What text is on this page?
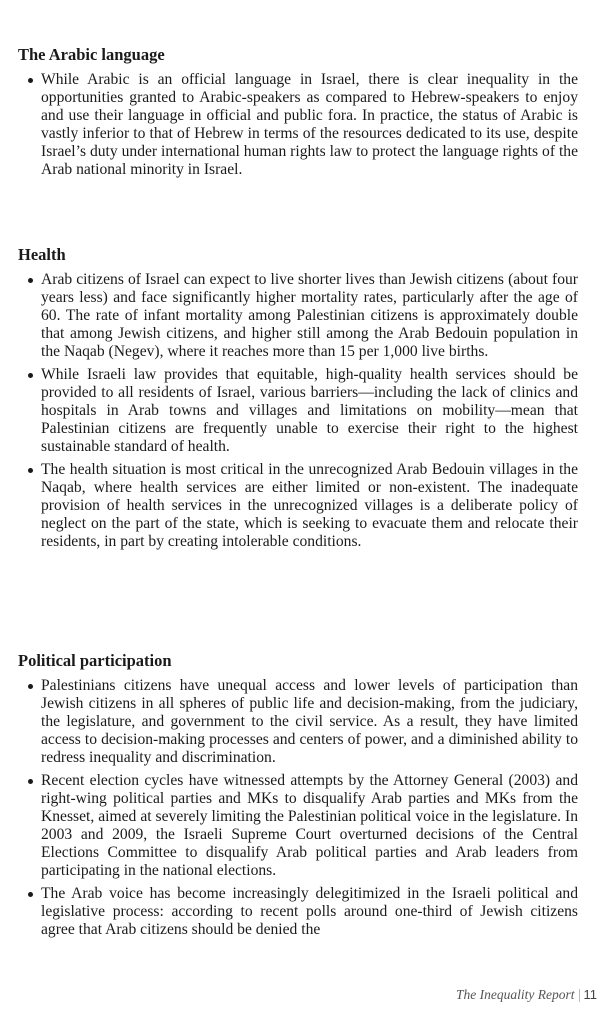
The Arabic language
While Arabic is an official language in Israel, there is clear inequality in the opportunities granted to Arabic-speakers as compared to Hebrew-speakers to enjoy and use their language in official and public fora. In practice, the status of Arabic is vastly inferior to that of Hebrew in terms of the resources dedicated to its use, despite Israel’s duty under international human rights law to protect the language rights of the Arab national minority in Israel.
Health
Arab citizens of Israel can expect to live shorter lives than Jewish citizens (about four years less) and face significantly higher mortality rates, particularly after the age of 60. The rate of infant mortality among Palestinian citizens is approximately double that among Jewish citizens, and higher still among the Arab Bedouin population in the Naqab (Negev), where it reaches more than 15 per 1,000 live births.
While Israeli law provides that equitable, high-quality health services should be provided to all residents of Israel, various barriers—including the lack of clinics and hospitals in Arab towns and villages and limitations on mobility—mean that Palestinian citizens are frequently unable to exercise their right to the highest sustainable standard of health.
The health situation is most critical in the unrecognized Arab Bedouin villages in the Naqab, where health services are either limited or non-existent. The inadequate provision of health services in the unrecognized villages is a deliberate policy of neglect on the part of the state, which is seeking to evacuate them and relocate their residents, in part by creating intolerable conditions.
Political participation
Palestinians citizens have unequal access and lower levels of participation than Jewish citizens in all spheres of public life and decision-making, from the judiciary, the legislature, and government to the civil service. As a result, they have limited access to decision-making processes and centers of power, and a diminished ability to redress inequality and discrimination.
Recent election cycles have witnessed attempts by the Attorney General (2003) and right-wing political parties and MKs to disqualify Arab parties and MKs from the Knesset, aimed at severely limiting the Palestinian political voice in the legislature. In 2003 and 2009, the Israeli Supreme Court overturned decisions of the Central Elections Committee to disqualify Arab political parties and Arab leaders from participating in the national elections.
The Arab voice has become increasingly delegitimized in the Israeli political and legislative process: according to recent polls around one-third of Jewish citizens agree that Arab citizens should be denied the
The Inequality Report 11
